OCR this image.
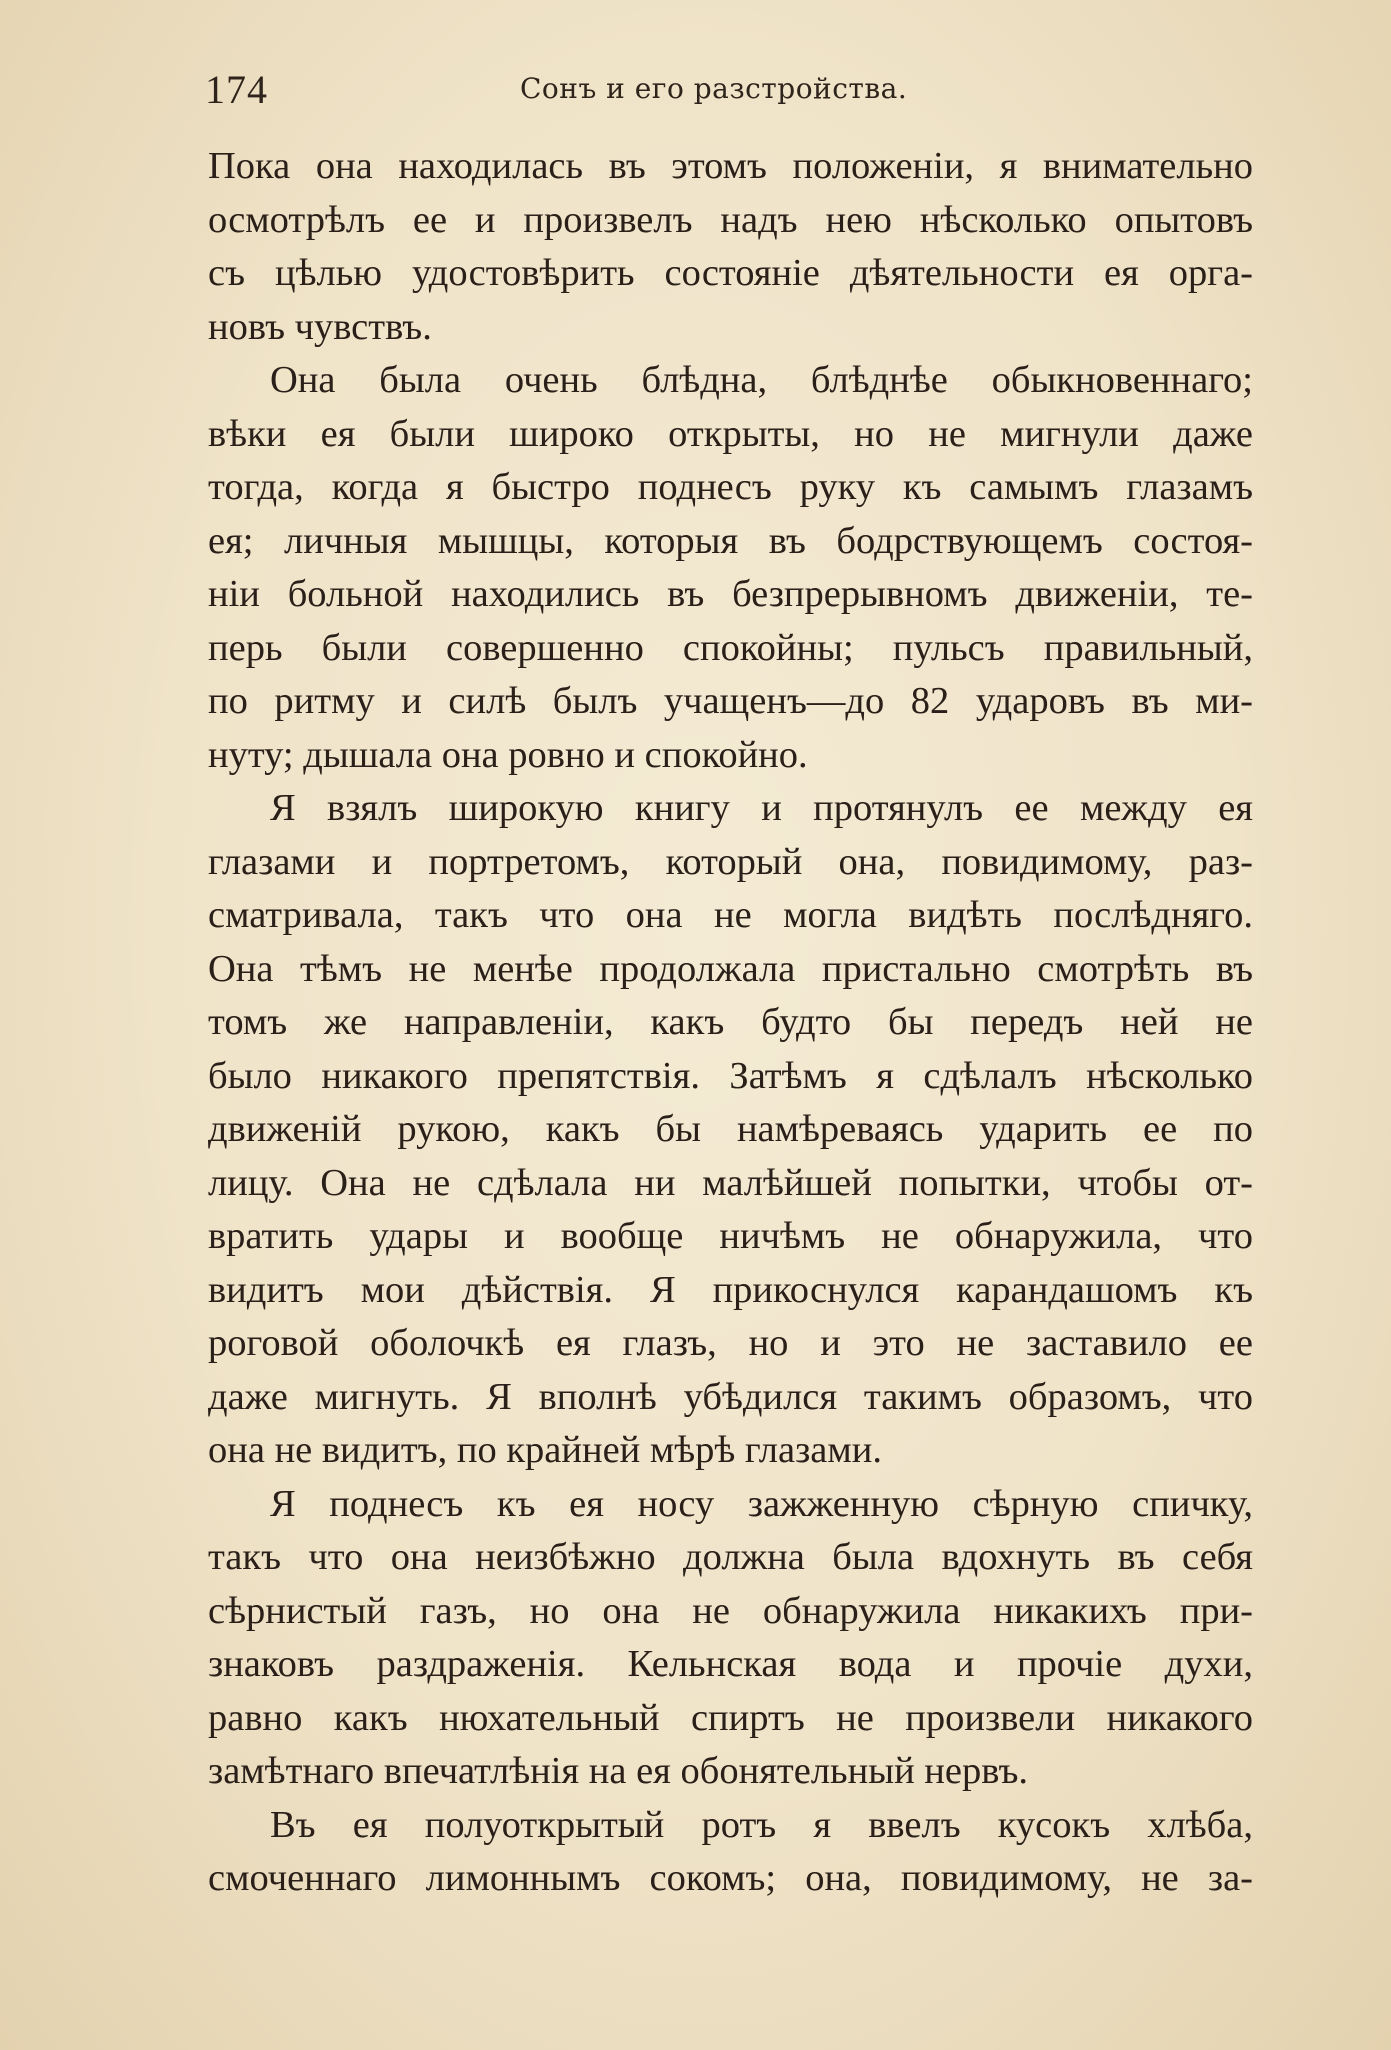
174	Сонъ и его разстройства.
Пока она находилась въ этомъ положенiи, я внимательно
осмотрѣлъ ее и произвелъ надъ нею нѣсколько опытовъ
съ цѣлью удостовѣрить состоянiе дѣятельности ея орга-
новъ чувствъ.
Она была очень блѣдна, блѣднѣе обыкновеннаго;
вѣки ея были широко открыты, но не мигнули даже
тогда, когда я быстро поднесъ руку къ самымъ глазамъ
ея; личныя мышцы, которыя въ бодрствующемъ состоя-
нiи больной находились въ безпрерывномъ движенiи, те-
перь были совершенно спокойны; пульсъ правильный,
по ритму и силѣ былъ учащенъ—до 82 ударовъ въ ми-
нуту; дышала она ровно и спокойно.
Я взялъ широкую книгу и протянулъ ее между ея
глазами и портретомъ, который она, повидимому, раз-
сматривала, такъ что она не могла видѣть послѣдняго.
Она тѣмъ не менѣе продолжала пристально смотрѣть въ
томъ же направленiи, какъ будто бы передъ ней не
было никакого препятствiя. Затѣмъ я сдѣлалъ нѣсколько
движенiй рукою, какъ бы намѣреваясь ударить ее по
лицу. Она не сдѣлала ни малѣйшей попытки, чтобы от-
вратить удары и вообще ничѣмъ не обнаружила, что
видитъ мои дѣйствiя. Я прикоснулся карандашомъ къ
роговой оболочкѣ ея глазъ, но и это не заставило ее
даже мигнуть. Я вполнѣ убѣдился такимъ образомъ, что
она не видитъ, по крайней мѣрѣ глазами.
Я поднесъ къ ея носу зажженную сѣрную спичку,
такъ что она неизбѣжно должна была вдохнуть въ себя
сѣрнистый газъ, но она не обнаружила никакихъ при-
знаковъ раздраженiя. Кельнская вода и прочiе духи,
равно какъ нюхательный спиртъ не произвели никакого
замѣтнаго впечатлѣнiя на ея обонятельный нервъ.
Въ ея полуоткрытый ротъ я ввелъ кусокъ хлѣба,
смоченнаго лимоннымъ сокомъ; она, повидимому, не за-
